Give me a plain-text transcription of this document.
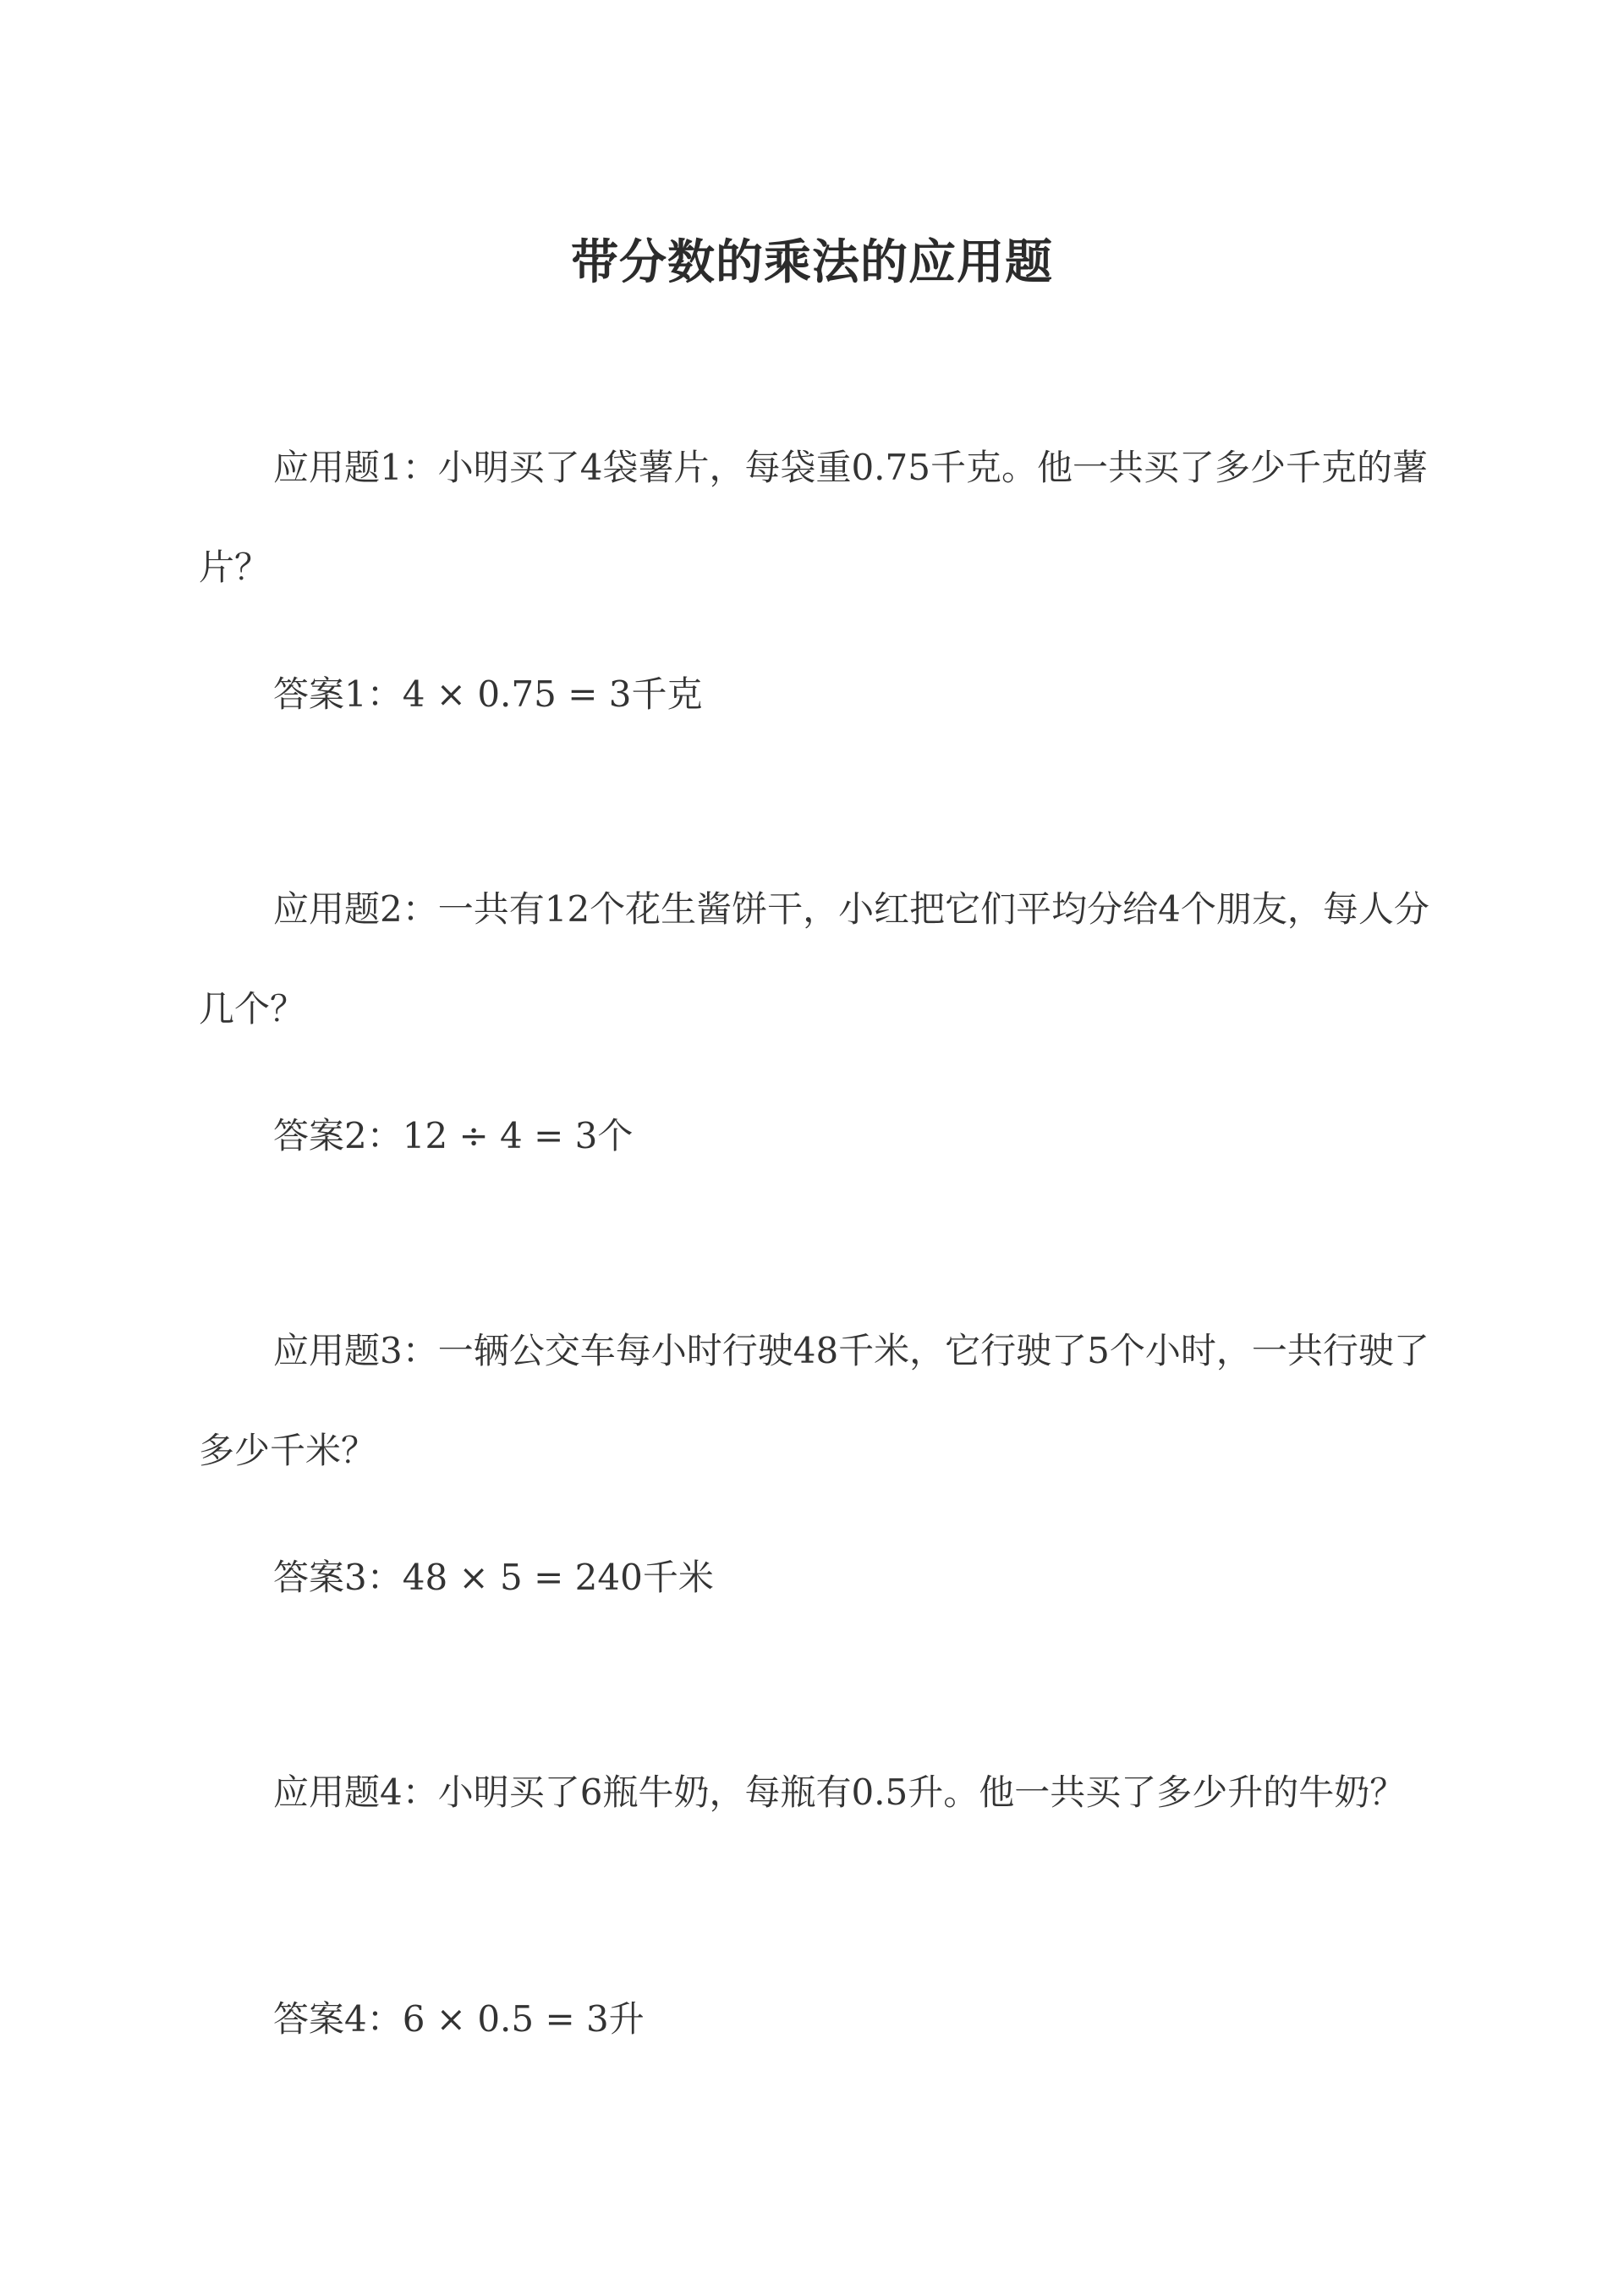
带分数的乘法的应用题

应用题1：小明买了4袋薯片，每袋重0.75千克。他一共买了多少千克的薯片？

答案1：4 × 0.75 = 3千克

应用题2：一共有12个花生酱饼干，小红把它们平均分给4个朋友，每人分几个？

答案2：12 ÷ 4 = 3个

应用题3：一辆公交车每小时行驶48千米，它行驶了5个小时，一共行驶了多少千米？

答案3：48 × 5 = 240千米

应用题4：小明买了6瓶牛奶，每瓶有0.5升。他一共买了多少升的牛奶？

答案4：6 × 0.5 = 3升
